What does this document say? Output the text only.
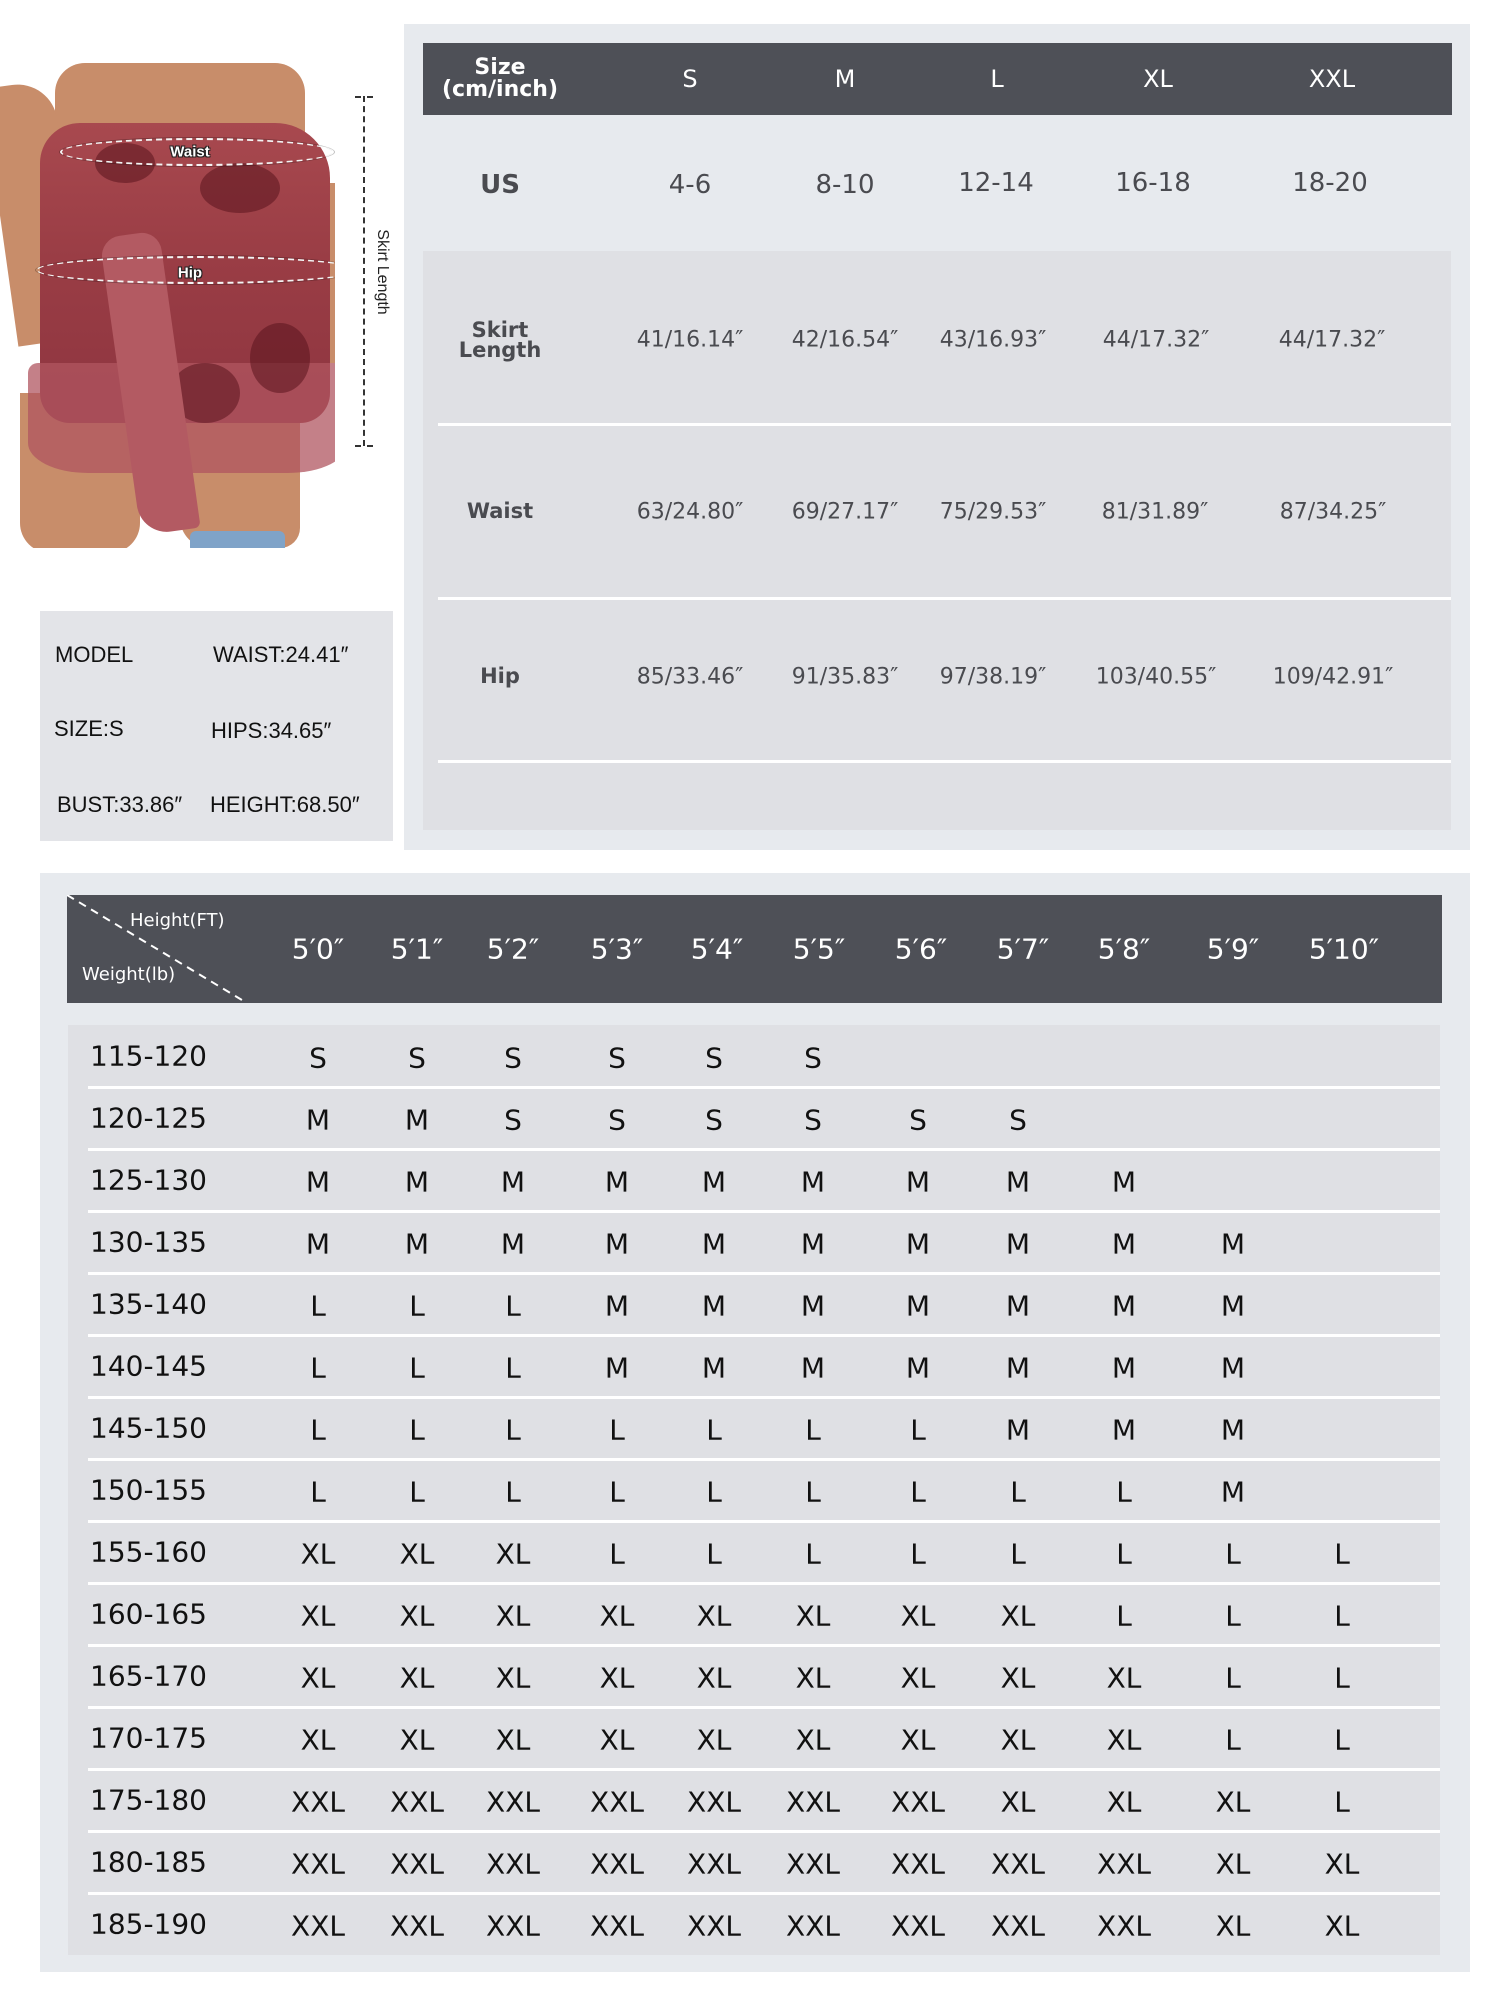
Waist
Hip	Skirt Length
MODEL	WAIST:24.41″
SIZE:S	HIPS:34.65″
BUST:33.86″ HEIGHT:68.50″
Size
(cm/inch)	S	M	L	XL	XXL
US	4-6	8-10	12-14	16-18	18-20
Skirt
Length	41/16.14″ 42/16.54″ 43/16.93″	44/17.32″	44/17.32″
Waist	63/24.80″ 69/27.17″ 75/29.53″	81/31.89″	87/34.25″
Hip	85/33.46″ 91/35.83″ 97/38.19″ 103/40.55″	109/42.91″
Height(FT)
Weight(lb)
5′0″ 5′1″ 5′2″ 5′3″ 5′4″ 5′5″ 5′6″ 5′7″ 5′8″ 5′9″ 5′10″
115-120	S	S	S	S	S	S
120-125	M	M	S	S	S	S	S	S
125-130	M	M	M	M	M	M	M	M	M
130-135	M	M	M	M	M	M	M	M	M	M
135-140	L	L	L	M	M	M	M	M	M	M
140-145	L	L	L	M	M	M	M	M	M	M
145-150	L	L	L	L	L	L	L	M	M	M
150-155	L	L	L	L	L	L	L	L	L	M
155-160	XL XL XL	L	L	L	L	L	L	L	L
160-165	XL XL XL XL XL XL	XL XL	L	L	L
165-170	XL XL XL XL XL XL	XL XL	XL	L	L
170-175	XL XL XL XL XL XL	XL XL	XL	L	L
175-180	XXL XXL XXL XXL XXL XXL XXL XL	XL	XL	L
180-185	XXL XXL XXL XXL XXL XXL XXL XXL XXL XL	XL
185-190	XXL XXL XXL XXL XXL XXL XXL XXL XXL XL	XL
